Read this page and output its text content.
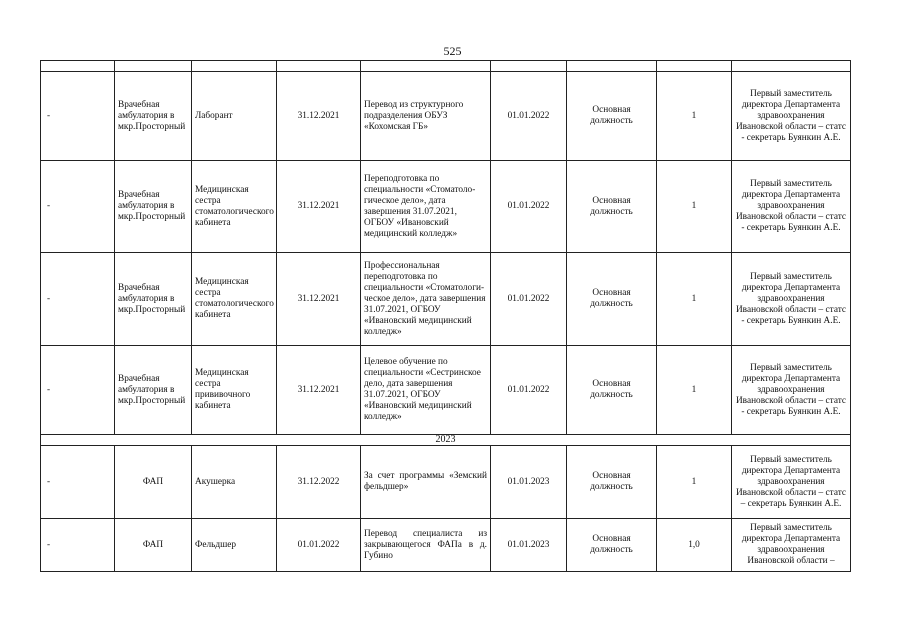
525

-	Врачебная амбулатория в мкр.Просторный	Лаборант	31.12.2021	Перевод из структурного подразделения ОБУЗ «Кохомская ГБ»	01.01.2022	Основная должность	1	Первый заместитель директора Департамента здравоохранения Ивановской области – статс - секретарь Буянкин А.Е.
-	Врачебная амбулатория в мкр.Просторный	Медицинская сестра стоматологического кабинета	31.12.2021	Переподготовка по специальности «Стоматоло-гическое дело», дата завершения 31.07.2021, ОГБОУ «Ивановский медицинский колледж»	01.01.2022	Основная должность	1	Первый заместитель директора Департамента здравоохранения Ивановской области – статс - секретарь Буянкин А.Е.
-	Врачебная амбулатория в мкр.Просторный	Медицинская сестра стоматологического кабинета	31.12.2021	Профессиональная переподготовка по специальности «Стоматологи-ческое дело», дата завершения 31.07.2021, ОГБОУ «Ивановский медицинский колледж»	01.01.2022	Основная должность	1	Первый заместитель директора Департамента здравоохранения Ивановской области – статс - секретарь Буянкин А.Е.
-	Врачебная амбулатория в мкр.Просторный	Медицинская сестра прививочного кабинета	31.12.2021	Целевое обучение по специальности «Сестринское дело, дата завершения 31.07.2021, ОГБОУ «Ивановский медицинский колледж»	01.01.2022	Основная должность	1	Первый заместитель директора Департамента здравоохранения Ивановской области – статс - секретарь Буянкин А.Е.
2023								
-	ФАП	Акушерка	31.12.2022	За счет программы «Земский фельдшер»	01.01.2023	Основная должность	1	Первый заместитель директора Департамента здравоохранения Ивановской области – статс – секретарь Буянкин А.Е.
-	ФАП	Фельдшер	01.01.2022	Перевод специалиста из закрывающегося ФАПа в д. Губино	01.01.2023	Основная должность	1,0	Первый заместитель директора Департамента здравоохранения Ивановской области –
